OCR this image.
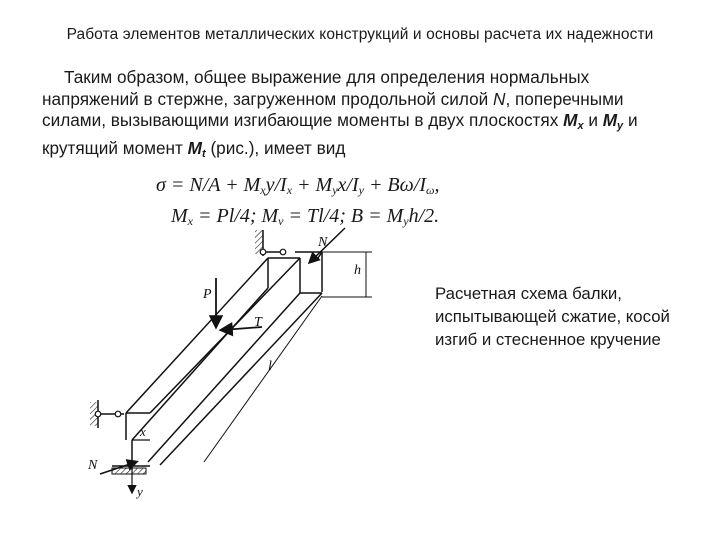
Работа элементов металлических конструкций и основы расчета их надежности

Таким образом, общее выражение для определения нормальных напряжений в стержне, загруженном продольной силой N, поперечными силами, вызывающими изгибающие моменты в двух плоскостях $M_x$ и $M_y$ и крутящий момент $M_t$ (рис.), имеет вид

$\sigma = N/A + M_xy/I_x + M_yx/I_y + B\omega/I_\omega$,
$M_x = Pl/4$; $M_v = Tl/4$; $B = M_yh/2$.
h
N
P
T
l
x
y
N
Расчетная схема балки, испытывающей сжатие, косой изгиб и стесненное кручение
